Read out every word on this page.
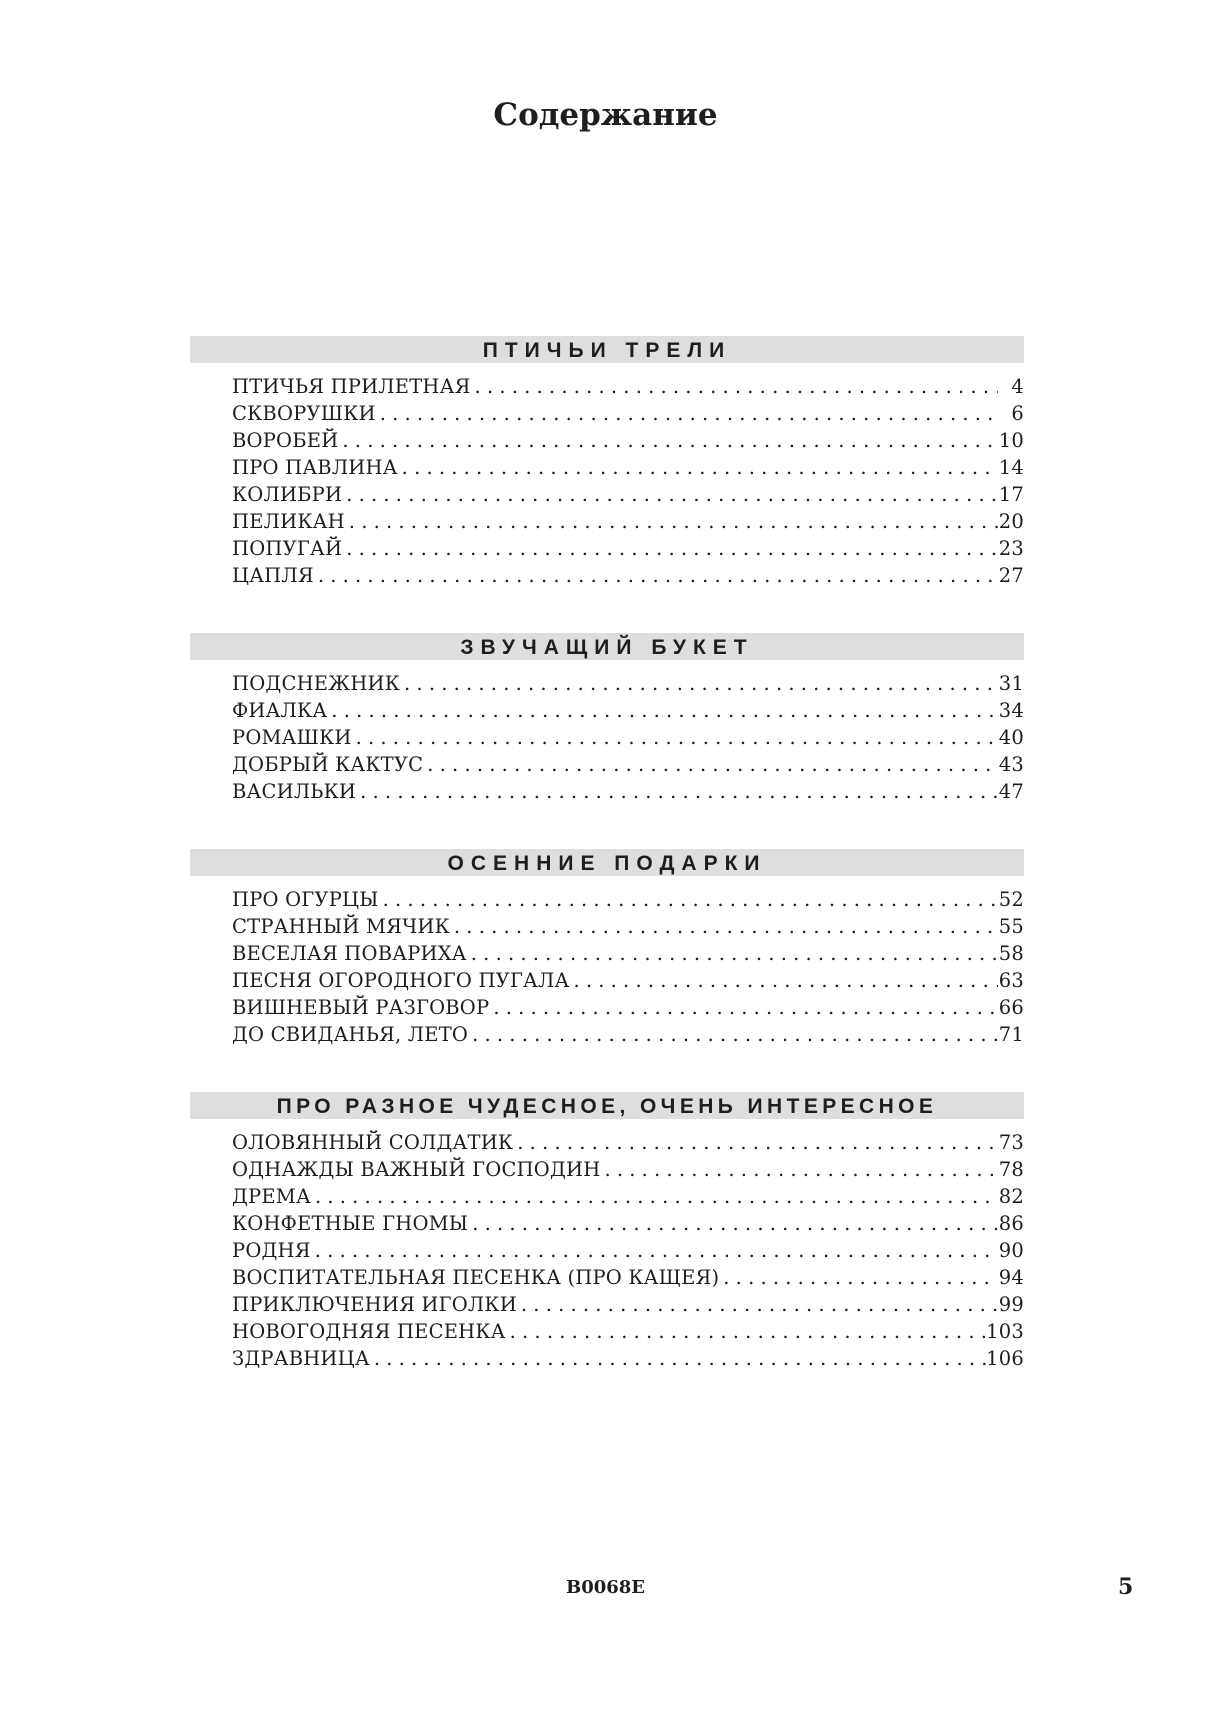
Содержание
ПТИЧЬИ ТРЕЛИ
ПТИЧЬЯ ПРИЛЕТНАЯ . . .	4
СКВОРУШКИ . . .	6
ВОРОБЕЙ . . .	10
ПРО ПАВЛИНА . . .	14
КОЛИБРИ . . .	17
ПЕЛИКАН . . .	20
ПОПУГАЙ . . .	23
ЦАПЛЯ . . .	27
ЗВУЧАЩИЙ БУКЕТ
ПОДСНЕЖНИК . . .	31
ФИАЛКА . . .	34
РОМАШКИ . . .	40
ДОБРЫЙ КАКТУС . . .	43
ВАСИЛЬКИ . . .	47
ОСЕННИЕ ПОДАРКИ
ПРО ОГУРЦЫ . . .	52
СТРАННЫЙ МЯЧИК . . .	55
ВЕСЕЛАЯ ПОВАРИХА . . .	58
ПЕСНЯ ОГОРОДНОГО ПУГАЛА . . .	63
ВИШНЕВЫЙ РАЗГОВОР . . .	66
ДО СВИДАНЬЯ, ЛЕТО . . .	71
ПРО РАЗНОЕ ЧУДЕСНОЕ, ОЧЕНЬ ИНТЕРЕСНОЕ
ОЛОВЯННЫЙ СОЛДАТИК . . .	73
ОДНАЖДЫ ВАЖНЫЙ ГОСПОДИН . . .	78
ДРЕМА . . .	82
КОНФЕТНЫЕ ГНОМЫ . . .	86
РОДНЯ . . .	90
ВОСПИТАТЕЛЬНАЯ ПЕСЕНКА (ПРО КАЩЕЯ) . . .	94
ПРИКЛЮЧЕНИЯ ИГОЛКИ . . .	99
НОВОГОДНЯЯ ПЕСЕНКА . . .	103
ЗДРАВНИЦА . . .	106
B0068E	5
